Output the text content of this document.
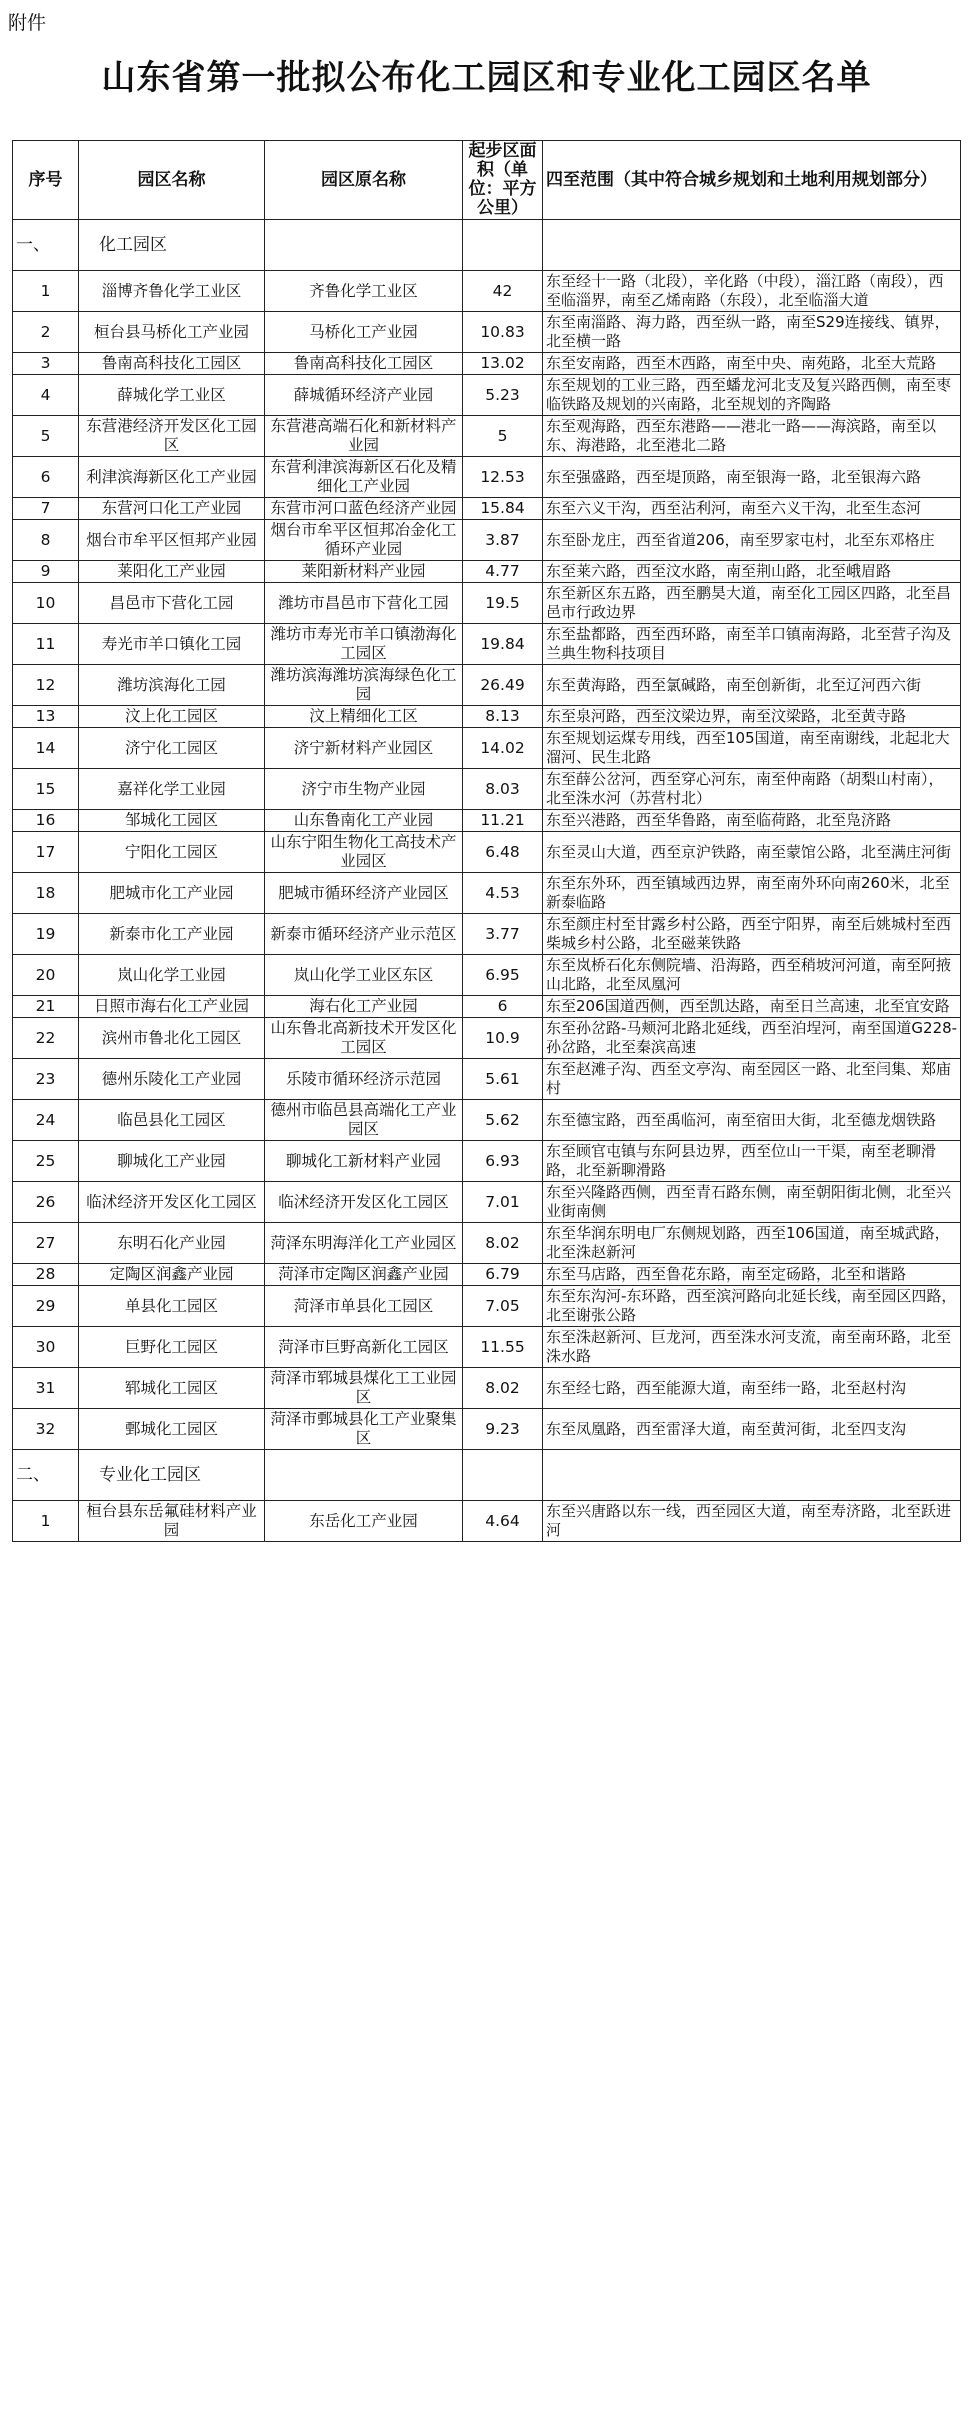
附件
山东省第一批拟公布化工园区和专业化工园区名单
序号	园区名称	园区原名称	起步区面积（单位：平方公里）	四至范围（其中符合城乡规划和土地利用规划部分）
一、	化工园区			
1	淄博齐鲁化学工业区	齐鲁化学工业区	42	东至经十一路（北段），辛化路（中段），淄江路（南段），西至临淄界，南至乙烯南路（东段），北至临淄大道
2	桓台县马桥化工产业园	马桥化工产业园	10.83	东至南淄路、海力路，西至纵一路，南至S29连接线、镇界，北至横一路
3	鲁南高科技化工园区	鲁南高科技化工园区	13.02	东至安南路，西至木西路，南至中央、南苑路，北至大荒路
4	薛城化学工业区	薛城循环经济产业园	5.23	东至规划的工业三路，西至蟠龙河北支及复兴路西侧，南至枣临铁路及规划的兴南路，北至规划的齐陶路
5	东营港经济开发区化工园区	东营港高端石化和新材料产业园	5	东至观海路，西至东港路——港北一路——海滨路，南至以东、海港路，北至港北二路
6	利津滨海新区化工产业园	东营利津滨海新区石化及精细化工产业园	12.53	东至强盛路，西至堤顶路，南至银海一路，北至银海六路
7	东营河口化工产业园	东营市河口蓝色经济产业园	15.84	东至六义干沟，西至沾利河，南至六义干沟，北至生态河
8	烟台市牟平区恒邦产业园	烟台市牟平区恒邦冶金化工循环产业园	3.87	东至卧龙庄，西至省道206，南至罗家屯村，北至东邓格庄
9	莱阳化工产业园	莱阳新材料产业园	4.77	东至莱六路，西至汶水路，南至荆山路，北至峨眉路
10	昌邑市下营化工园	潍坊市昌邑市下营化工园	19.5	东至新区东五路，西至鹏昊大道，南至化工园区四路，北至昌邑市行政边界
11	寿光市羊口镇化工园	潍坊市寿光市羊口镇渤海化工园区	19.84	东至盐都路，西至西环路，南至羊口镇南海路，北至营子沟及兰典生物科技项目
12	潍坊滨海化工园	潍坊滨海潍坊滨海绿色化工园	26.49	东至黄海路，西至氯碱路，南至创新街，北至辽河西六街
13	汶上化工园区	汶上精细化工区	8.13	东至泉河路，西至汶梁边界，南至汶梁路，北至黄寺路
14	济宁化工园区	济宁新材料产业园区	14.02	东至规划运煤专用线，西至105国道，南至南谢线，北起北大溜河、民生北路
15	嘉祥化学工业园	济宁市生物产业园	8.03	东至薛公岔河，西至穿心河东，南至仲南路（胡梨山村南），北至洙水河（苏营村北）
16	邹城化工园区	山东鲁南化工产业园	11.21	东至兴港路，西至华鲁路，南至临荷路，北至凫济路
17	宁阳化工园区	山东宁阳生物化工高技术产业园区	6.48	东至灵山大道，西至京沪铁路，南至蒙馆公路，北至满庄河街
18	肥城市化工产业园	肥城市循环经济产业园区	4.53	东至东外环，西至镇域西边界，南至南外环向南260米，北至新泰临路
19	新泰市化工产业园	新泰市循环经济产业示范区	3.77	东至颜庄村至甘露乡村公路，西至宁阳界，南至后姚城村至西柴城乡村公路，北至磁莱铁路
20	岚山化学工业园	岚山化学工业区东区	6.95	东至岚桥石化东侧院墙、沿海路，西至稍坡河河道，南至阿掖山北路，北至凤凰河
21	日照市海右化工产业园	海右化工产业园	6	东至206国道西侧，西至凯达路，南至日兰高速，北至宜安路
22	滨州市鲁北化工园区	山东鲁北高新技术开发区化工园区	10.9	东至孙岔路-马颊河北路北延线，西至泊埕河，南至国道G228-孙岔路，北至秦滨高速
23	德州乐陵化工产业园	乐陵市循环经济示范园	5.61	东至赵滩子沟、西至文亭沟、南至园区一路、北至闫集、郑庙村
24	临邑县化工园区	德州市临邑县高端化工产业园区	5.62	东至德宝路，西至禹临河，南至宿田大街，北至德龙烟铁路
25	聊城化工产业园	聊城化工新材料产业园	6.93	东至顾官屯镇与东阿县边界，西至位山一干渠，南至老聊滑路，北至新聊滑路
26	临沭经济开发区化工园区	临沭经济开发区化工园区	7.01	东至兴隆路西侧，西至青石路东侧，南至朝阳街北侧，北至兴业街南侧
27	东明石化产业园	菏泽东明海洋化工产业园区	8.02	东至华润东明电厂东侧规划路，西至106国道，南至城武路，北至洙赵新河
28	定陶区润鑫产业园	菏泽市定陶区润鑫产业园	6.79	东至马店路，西至鲁花东路，南至定砀路，北至和谐路
29	单县化工园区	菏泽市单县化工园区	7.05	东至东沟河-东环路，西至滨河路向北延长线，南至园区四路，北至谢张公路
30	巨野化工园区	菏泽市巨野高新化工园区	11.55	东至洙赵新河、巨龙河，西至洙水河支流，南至南环路，北至洙水路
31	郓城化工园区	菏泽市郓城县煤化工工业园区	8.02	东至经七路，西至能源大道，南至纬一路，北至赵村沟
32	鄄城化工园区	菏泽市鄄城县化工产业聚集区	9.23	东至凤凰路，西至雷泽大道，南至黄河街，北至四支沟
二、	专业化工园区			
1	桓台县东岳氟硅材料产业园	东岳化工产业园	4.64	东至兴唐路以东一线，西至园区大道，南至寿济路，北至跃进河
